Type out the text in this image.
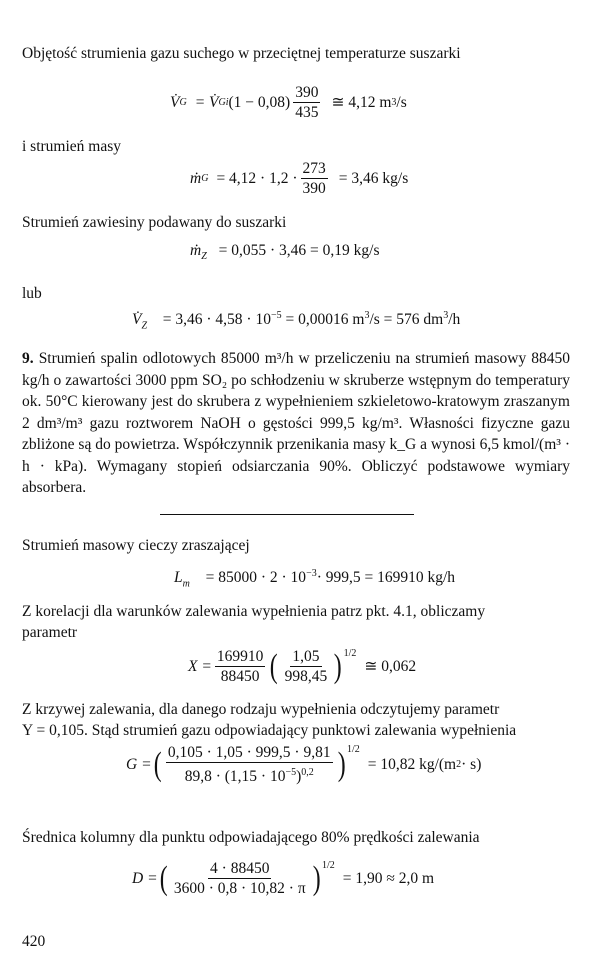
Objętość strumienia gazu suchego w przeciętnej temperaturze suszarki
V̇ G = V̇ Gi $(1 - 0,08) \frac{390}{435}$ ≅ 4,12 m 3 /s
i strumień masy
ṁ $G = 4,12 \cdot 1,2 \cdot \frac{273}{390} = 3,46$ kg/s
Strumień zawiesiny podawany do suszarki
ṁ$_Z$ = 0,055 · 3,46 = 0,19 kg/s
lub
$V̇_Z = 3,46 \cdot 4,58 \cdot 10^{-5} = 0,00016$ $m^3/s = 576$ $dm^3/h$
9. Strumień spalin odlotowych 85000 m³/h w przeliczeniu na strumień masowy 88450 kg/h o zawartości 3000 ppm SO₂ po schłodzeniu w skruberze wstępnym do temperatury ok. 50°C kierowany jest do skrubera z wypełnieniem szkieletowo-kratowym zraszanym 2 dm³/m³ gazu roztworem NaOH o gęstości 999,5 kg/m³. Własności fizyczne gazu zbliżone są do powietrza. Współczynnik przenikania masy k_G a wynosi 6,5 kmol/(m³ · h · kPa). Wymagany stopień odsiarczania 90%. Obliczyć podstawowe wymiary absorbera.
Strumień masowy cieczy zraszającej
$L_m = 85000 \cdot 2 \cdot 10^{-3}\cdot 999,5 = 169910$ kg/h
Z korelacji dla warunków zalewania wypełnienia patrz pkt. 4.1, obliczamy
parametr
$X = \frac{169910}{88450}$ ( $\frac{1,05}{998,45}$ ) 1/2
≅ 0,062
Z krzywej zalewania, dla danego rodzaju wypełnienia odczytujemy parametr
Y = 0,105. Stąd strumień gazu odpowiadający punktowi zalewania wypełnienia
G = ( $\frac{0,105 \cdot 1,05 \cdot 999,5 \cdot 9,81}{89,8 \cdot (1,15 \cdot 10^{-5})^{0,2}}$ ) 1/2
= 10,82 kg/(m 2 · s)
Średnica kolumny dla punktu odpowiadającego 80% prędkości zalewania
D = ( $\frac{4 \cdot 88450}{3600 \cdot 0,8 \cdot 10,82 \cdot \pi}$ ) 1/2
= 1,90 ≈ 2,0 m
420
